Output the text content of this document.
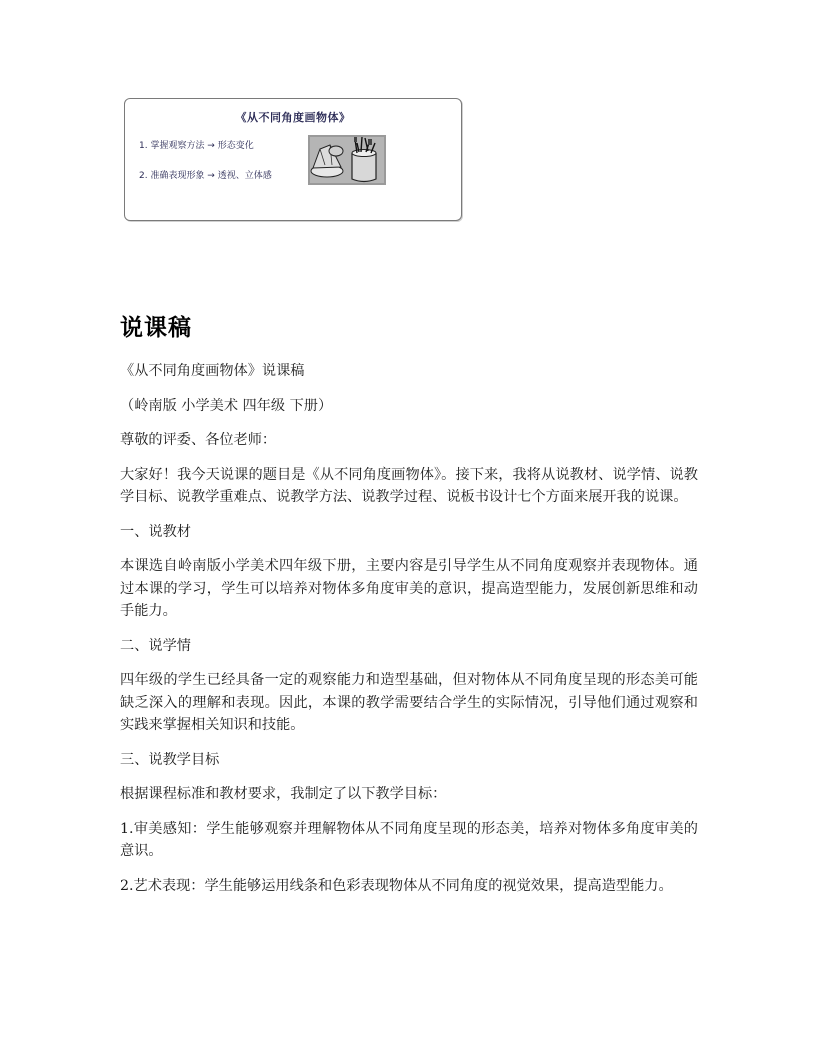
《从不同角度画物体》
1. 掌握观察方法 → 形态变化
2. 准确表现形象 → 透视、立体感
说课稿

《从不同角度画物体》说课稿

（岭南版 小学美术 四年级 下册）

尊敬的评委、各位老师：

大家好！我今天说课的题目是《从不同角度画物体》。接下来，我将从说教材、说学情、说教学目标、说教学重难点、说教学方法、说教学过程、说板书设计七个方面来展开我的说课。

一、说教材

本课选自岭南版小学美术四年级下册，主要内容是引导学生从不同角度观察并表现物体。通过本课的学习，学生可以培养对物体多角度审美的意识，提高造型能力，发展创新思维和动手能力。

二、说学情

四年级的学生已经具备一定的观察能力和造型基础，但对物体从不同角度呈现的形态美可能缺乏深入的理解和表现。因此，本课的教学需要结合学生的实际情况，引导他们通过观察和实践来掌握相关知识和技能。

三、说教学目标

根据课程标准和教材要求，我制定了以下教学目标：

1.审美感知：学生能够观察并理解物体从不同角度呈现的形态美，培养对物体多角度审美的意识。

2.艺术表现：学生能够运用线条和色彩表现物体从不同角度的视觉效果，提高造型能力。
